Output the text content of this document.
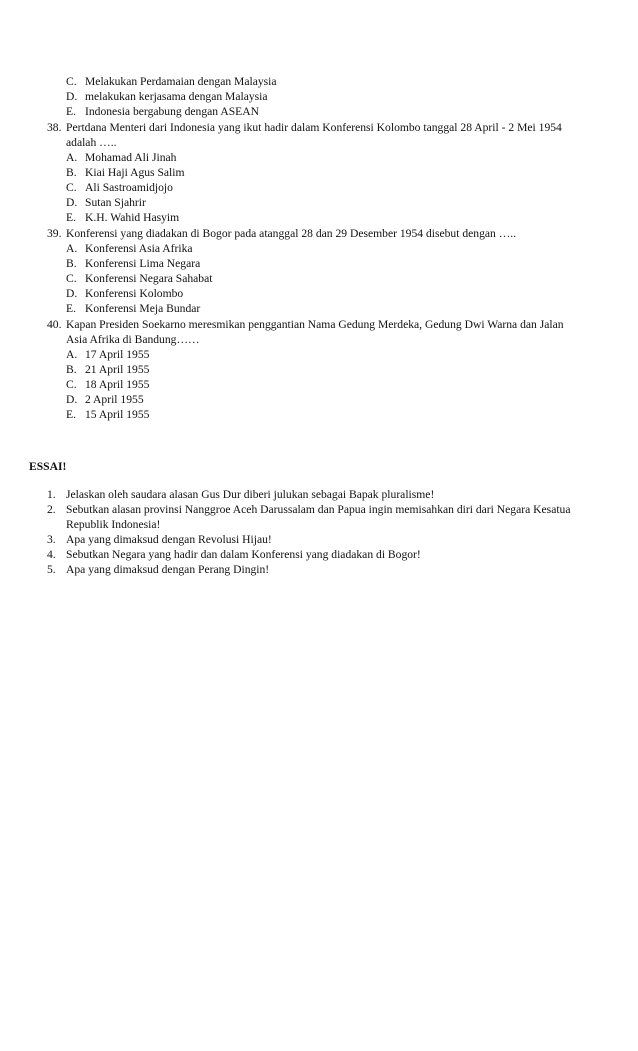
C. Melakukan Perdamaian dengan Malaysia
D. melakukan kerjasama dengan Malaysia
E. Indonesia bergabung dengan ASEAN
38. Pertdana Menteri dari Indonesia yang ikut hadir dalam Konferensi Kolombo tanggal 28 April - 2 Mei 1954
adalah …..
A. Mohamad Ali Jinah
B. Kiai Haji Agus Salim
C. Ali Sastroamidjojo
D. Sutan Sjahrir
E. K.H. Wahid Hasyim
39. Konferensi yang diadakan di Bogor pada atanggal 28 dan 29 Desember 1954 disebut dengan …..
A. Konferensi Asia Afrika
B. Konferensi Lima Negara
C. Konferensi Negara Sahabat
D. Konferensi Kolombo
E. Konferensi Meja Bundar
40. Kapan Presiden Soekarno meresmikan penggantian Nama Gedung Merdeka, Gedung Dwi Warna dan Jalan
Asia Afrika di Bandung……
A. 17 April 1955
B. 21 April 1955
C. 18 April 1955
D. 2 April 1955
E. 15 April 1955
ESSAI!
1. Jelaskan oleh saudara alasan Gus Dur diberi julukan sebagai Bapak pluralisme!
2. Sebutkan alasan provinsi Nanggroe Aceh Darussalam dan Papua ingin memisahkan diri dari Negara Kesatua
Republik Indonesia!
3. Apa yang dimaksud dengan Revolusi Hijau!
4. Sebutkan Negara yang hadir dan dalam Konferensi yang diadakan di Bogor!
5. Apa yang dimaksud dengan Perang Dingin!
